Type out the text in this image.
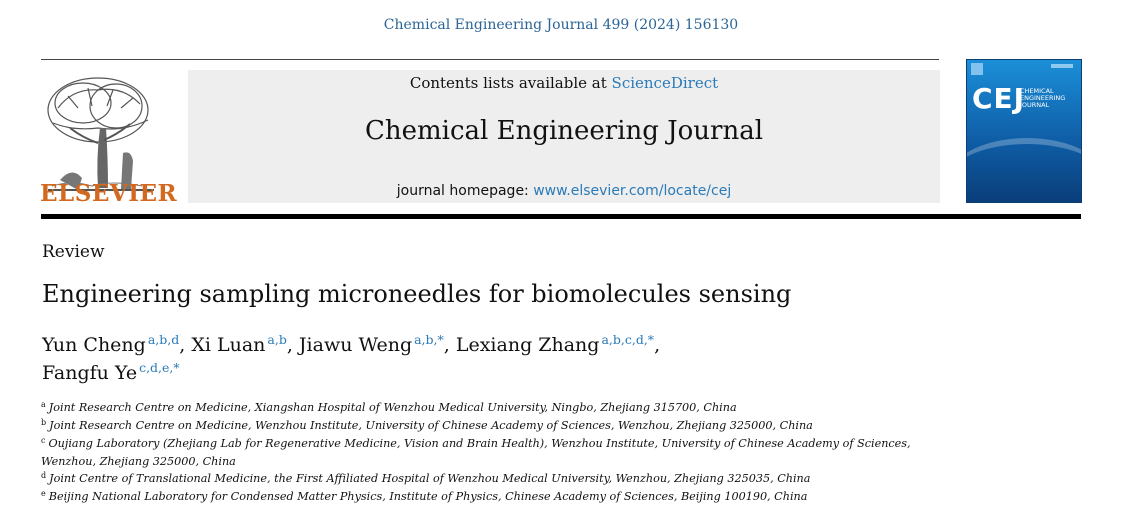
Chemical Engineering Journal 499 (2024) 156130
ELSEVIER
Contents lists available at ScienceDirect
Chemical Engineering Journal
journal homepage: www.elsevier.com/locate/cej
CEJ
CHEMICAL
ENGINEERING
JOURNAL
Review
Engineering sampling microneedles for biomolecules sensing
Yun Cheng $^{a,b,d}$, Xi Luan $^{a,b}$, Jiawu Weng $^{a,b,*}$, Lexiang Zhang $^{a,b,c,d,*}$,
Fangfu Ye $^{c,d,e,*}$
$^a$ Joint Research Centre on Medicine, Xiangshan Hospital of Wenzhou Medical University, Ningbo, Zhejiang 315700, China
$^b$ Joint Research Centre on Medicine, Wenzhou Institute, University of Chinese Academy of Sciences, Wenzhou, Zhejiang 325000, China
$^c$ Oujiang Laboratory (Zhejiang Lab for Regenerative Medicine, Vision and Brain Health), Wenzhou Institute, University of Chinese Academy of Sciences, Wenzhou, Zhejiang 325000, China
$^d$ Joint Centre of Translational Medicine, the First Affiliated Hospital of Wenzhou Medical University, Wenzhou, Zhejiang 325035, China
$^e$ Beijing National Laboratory for Condensed Matter Physics, Institute of Physics, Chinese Academy of Sciences, Beijing 100190, China
